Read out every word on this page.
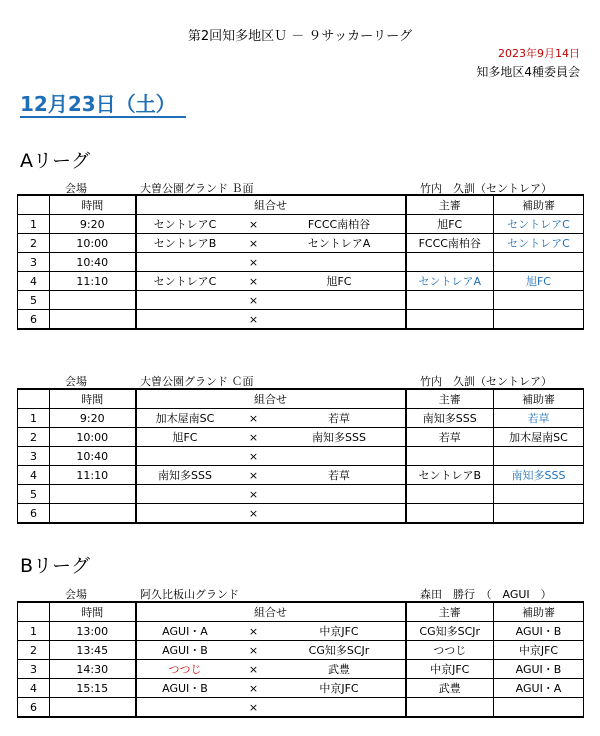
第2回知多地区Ｕ － ９サッカーリーグ
2023年9月14日
知多地区4種委員会
12月23日（土）
Aリーグ
会場	大曽公園グランド Ｂ面	竹内　久訓（セントレア）
	時間	組合せ			主審	補助審
1	9:20	セントレアC	×	FCCC南柏谷	旭FC	セントレアC
2	10:00	セントレアB	×	セントレアA	FCCC南柏谷	セントレアC
3	10:40		×			
4	11:10	セントレアC	×	旭FC	セントレアA	旭FC
5			×			
6			×			
会場	大曽公園グランド Ｃ面	竹内　久訓（セントレア）
	時間	組合せ			主審	補助審
1	9:20	加木屋南SC	×	若草	南知多SSS	若草
2	10:00	旭FC	×	南知多SSS	若草	加木屋南SC
3	10:40		×			
4	11:10	南知多SSS	×	若草	セントレアB	南知多SSS
5			×			
6			×			
Bリーグ
会場	阿久比板山グランド	森田　勝行　（　AGUI　）
	時間	組合せ			主審	補助審
1	13:00	AGUI・A	×	中京JFC	CG知多SCJr	AGUI・B
2	13:45	AGUI・B	×	CG知多SCJr	つつじ	中京JFC
3	14:30	つつじ	×	武豊	中京JFC	AGUI・B
4	15:15	AGUI・B	×	中京JFC	武豊	AGUI・A
6			×			
